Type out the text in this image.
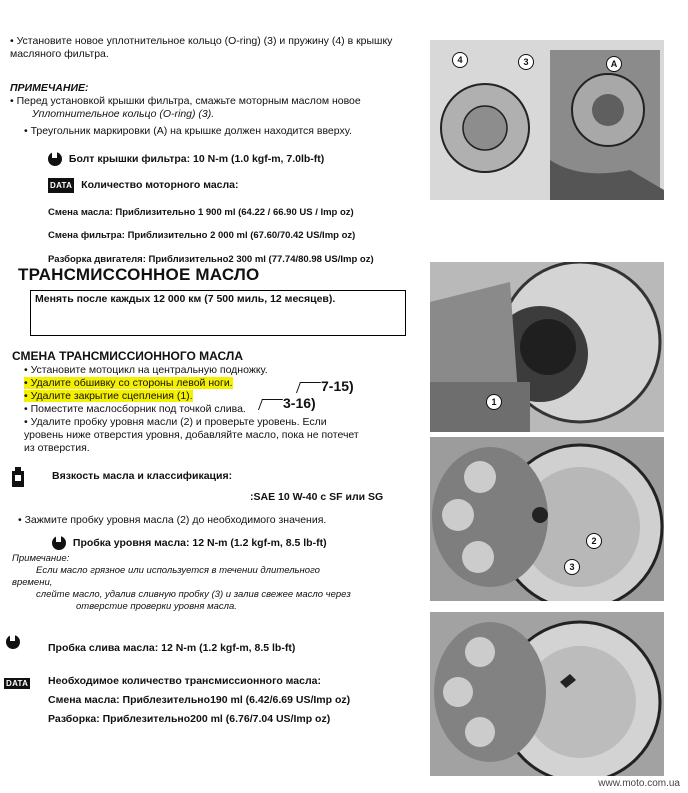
• Установите новое уплотнительное кольцо (O-ring) (3) и пружину (4) в крышку
масляного фильтра.
ПРИМЕЧАНИЕ:
• Перед установкой крышки фильтра, смажьте моторным маслом новое
Уплотнительное кольцо (O-ring) (3).
• Треугольник маркировки (А) на крышке должен находится вверху.
Болт крышки фильтра: 10 N-m (1.0 kgf-m, 7.0lb-ft)
DATA Количество моторного масла:
Смена масла: Приблизительно 1 900 ml (64.22 / 66.90 US / Imp oz)
Смена фильтра: Приблизительно 2 000 ml (67.60/70.42 US/Imp oz)
Разборка двигателя: Приблизительно2 300 ml (77.74/80.98 US/Imp oz)
ТРАНСМИССОННОЕ МАСЛО
Менять после каждых 12 000 км (7 500 миль, 12 месяцев).
СМЕНА ТРАНСМИССИОННОГО МАСЛА
• Установите мотоцикл на центральную подножку.
• Удалите обшивку со стороны левой ноги.
• Удалите закрытие сцепления (1).
• Поместите маслосборник под точкой слива.
• Удалите пробку уровня масли (2) и проверьте уровень. Если
уровень ниже отверстия уровня, добавляйте масло, пока не потечет
из отверстия.
7-15)
3-16)
Вязкость масла и классификация:
:SAE 10 W-40 с SF или SG
• Зажмите пробку уровня масла (2) до необходимого значения.
Пробка уровня масла: 12 N-m (1.2 kgf-m, 8.5 lb-ft)
Примечание:
Если масло грязное или используется в течении длительного
времени,
слейте масло, удалив сливную пробку (3) и залив свежее масло через
отверстие проверки уровня масла.
Пробка слива масла: 12 N-m (1.2 kgf-m, 8.5 lb-ft)
DATA Необходимое количество трансмиссионного масла:
Смена масла: Приблезительно190 ml (6.42/6.69 US/Imp oz)
Разборка: Приблезительно200 ml (6.76/7.04 US/Imp oz)
4	3	A
1
2
3
www.moto.com.ua
